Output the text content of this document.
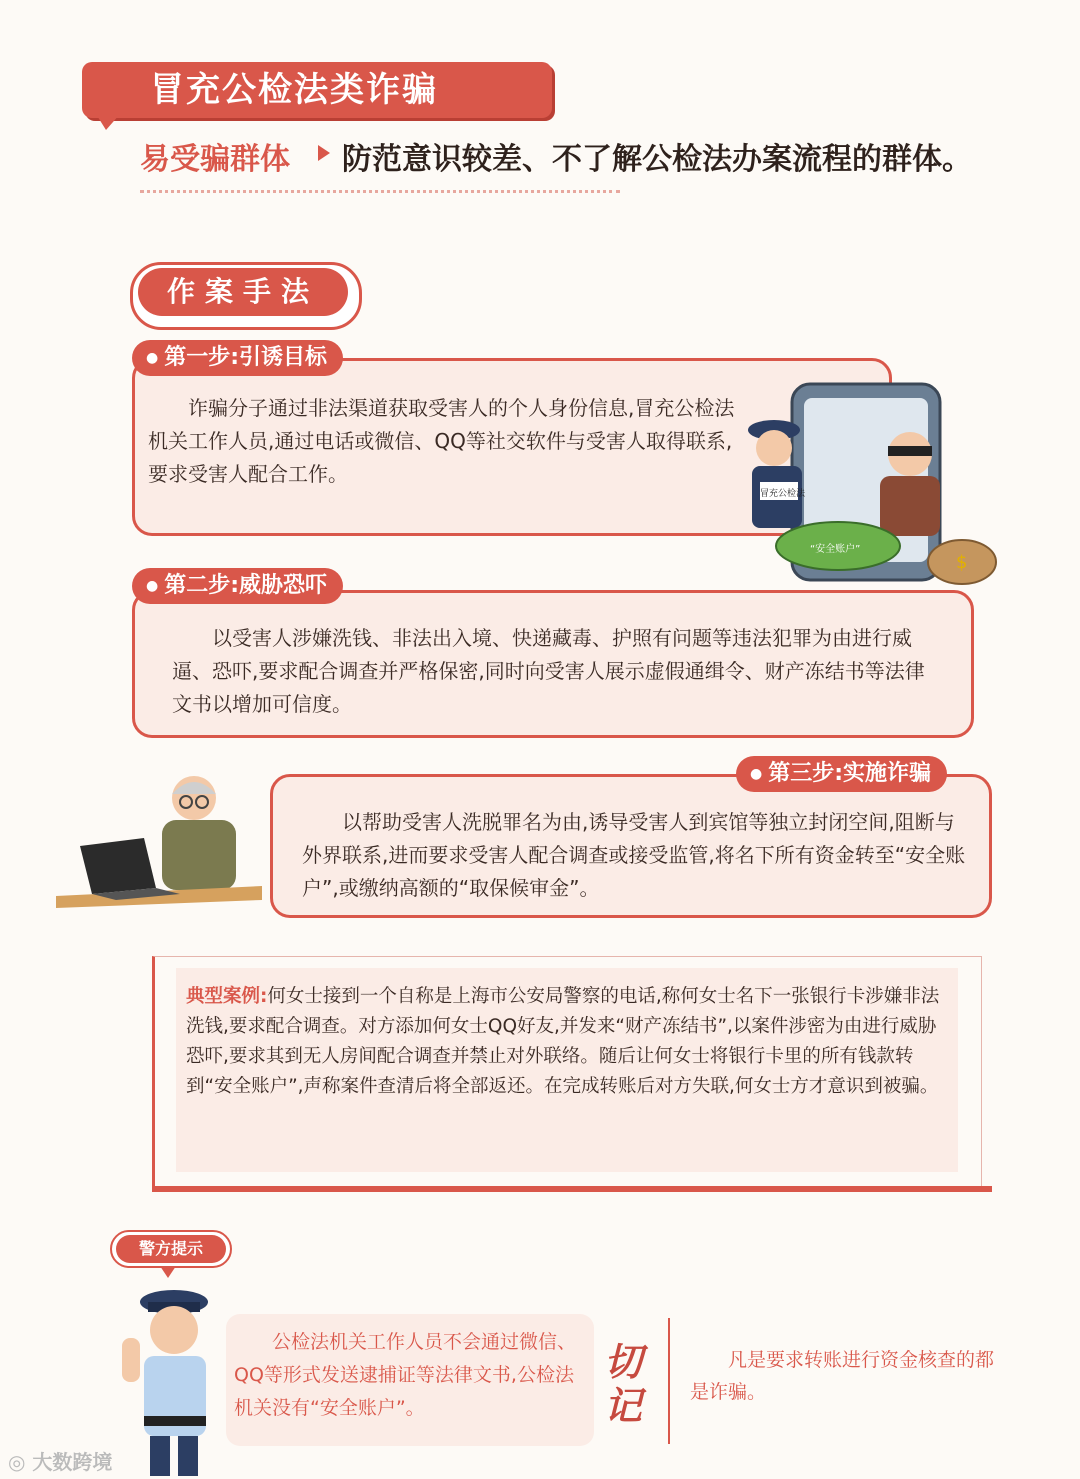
冒充公检法类诈骗
易受骗群体 防范意识较差、不了解公检法办案流程的群体。
作案手法
● 第一步:引诱目标
诈骗分子通过非法渠道获取受害人的个人身份信息,冒充公检法机关工作人员,通过电话或微信、QQ等社交软件与受害人取得联系,要求受害人配合工作。
冒充公检法
“安全账户”
$
● 第二步:威胁恐吓
以受害人涉嫌洗钱、非法出入境、快递藏毒、护照有问题等违法犯罪为由进行威逼、恐吓,要求配合调查并严格保密,同时向受害人展示虚假通缉令、财产冻结书等法律文书以增加可信度。
● 第三步:实施诈骗
以帮助受害人洗脱罪名为由,诱导受害人到宾馆等独立封闭空间,阻断与外界联系,进而要求受害人配合调查或接受监管,将名下所有资金转至“安全账户”,或缴纳高额的“取保候审金”。
典型案例:何女士接到一个自称是上海市公安局警察的电话,称何女士名下一张银行卡涉嫌非法洗钱,要求配合调查。对方添加何女士QQ好友,并发来“财产冻结书”,以案件涉密为由进行威胁恐吓,要求其到无人房间配合调查并禁止对外联络。随后让何女士将银行卡里的所有钱款转到“安全账户”,声称案件查清后将全部返还。在完成转账后对方失联,何女士方才意识到被骗。
警方提示
公检法机关工作人员不会通过微信、QQ等形式发送逮捕证等法律文书,公检法机关没有“安全账户”。
切记
凡是要求转账进行资金核查的都是诈骗。
◎ 大数跨境
